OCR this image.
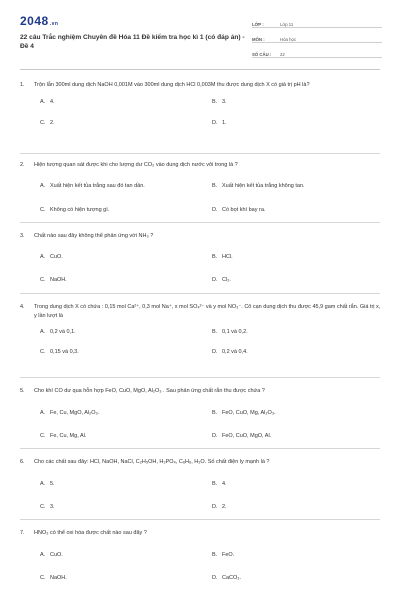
2048.vn
22 câu Trắc nghiệm Chuyên đề Hóa 11 Đề kiểm tra học kì 1 (có đáp án) - Đề 4
LỚP :	Lớp 11
MÔN :	Hóa học
SỐ CÂU :	22
1. Trộn lẫn 300ml dung dịch NaOH 0,001M vào 300ml dung dịch HCl 0,003M thu được dung dịch X có giá trị pH là?
A. 4.	B. 3.
C. 2.	D. 1.
2. Hiện tượng quan sát được khi cho lượng dư CO₂ vào dung dịch nước vôi trong là ?
A. Xuất hiện kết tủa trắng sau đó tan dần.	B. Xuất hiện kết tủa trắng không tan.
C. Không có hiện tượng gì.	D. Có bọt khí bay ra.
3. Chất nào sau đây không thể phản ứng với NH₃ ?
A. CuO.	B. HCl.
C. NaOH.	D. Cl₂.
4. Trong dung dịch X có chứa : 0,15 mol Ca²⁺, 0,3 mol Na⁺, x mol SO₄²⁻ và y mol NO₃⁻. Cô cạn dung dịch thu được 45,9 gam chất rắn. Giá trị x, y lần lượt là
A. 0,2 và 0,1.	B. 0,1 và 0,2.
C. 0,15 và 0,3.	D. 0,2 và 0,4.
5. Cho khí CO dư qua hỗn hợp FeO, CuO, MgO, Al₂O₃ . Sau phản ứng chất rắn thu được chứa ?
A. Fe, Cu, MgO, Al₂O₃.	B. FeO, CuO, Mg, Al₂O₃.
C. Fe, Cu, Mg, Al.	D. FeO, CuO, MgO, Al.
6. Cho các chất sau đây: HCl, NaOH, NaCl, C₂H₅OH, H₃PO₄, C₆H₆, H₂O. Số chất điện ly mạnh là ?
A. 5.	B. 4.
C. 3.	D. 2.
7. HNO₃ có thể oxi hóa được chất nào sau đây ?
A. CuO.	B. FeO.
C. NaOH.	D. CaCO₃.
